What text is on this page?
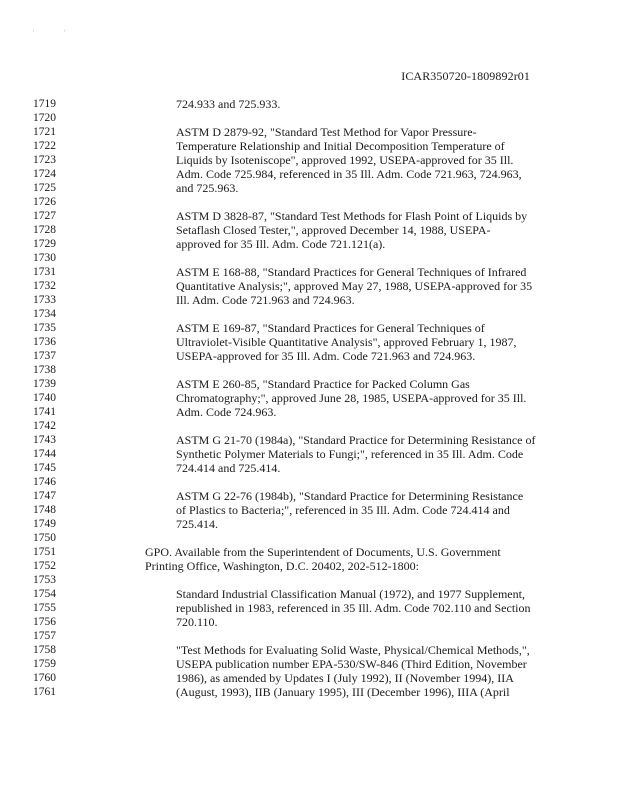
'	'
ICAR350720-1809892r01
1719	724.933 and 725.933.
1720
1721	ASTM D 2879-92, "Standard Test Method for Vapor Pressure-
1722	Temperature Relationship and Initial Decomposition Temperature of
1723	Liquids by Isoteniscope", approved 1992, USEPA-approved for 35 Ill.
1724	Adm. Code 725.984, referenced in 35 Ill. Adm. Code 721.963, 724.963,
1725	and 725.963.
1726
1727	ASTM D 3828-87, "Standard Test Methods for Flash Point of Liquids by
1728	Setaflash Closed Tester,", approved December 14, 1988, USEPA-
1729	approved for 35 Ill. Adm. Code 721.121(a).
1730
1731	ASTM E 168-88, "Standard Practices for General Techniques of Infrared
1732	Quantitative Analysis;", approved May 27, 1988, USEPA-approved for 35
1733	Ill. Adm. Code 721.963 and 724.963.
1734
1735	ASTM E 169-87, "Standard Practices for General Techniques of
1736	Ultraviolet-Visible Quantitative Analysis", approved February 1, 1987,
1737	USEPA-approved for 35 Ill. Adm. Code 721.963 and 724.963.
1738
1739	ASTM E 260-85, "Standard Practice for Packed Column Gas
1740	Chromatography;", approved June 28, 1985, USEPA-approved for 35 Ill.
1741	Adm. Code 724.963.
1742
1743	ASTM G 21-70 (1984a), "Standard Practice for Determining Resistance of
1744	Synthetic Polymer Materials to Fungi;", referenced in 35 Ill. Adm. Code
1745	724.414 and 725.414.
1746
1747	ASTM G 22-76 (1984b), "Standard Practice for Determining Resistance
1748	of Plastics to Bacteria;", referenced in 35 Ill. Adm. Code 724.414 and
1749	725.414.
1750
1751	GPO. Available from the Superintendent of Documents, U.S. Government
1752	Printing Office, Washington, D.C. 20402, 202-512-1800:
1753
1754	Standard Industrial Classification Manual (1972), and 1977 Supplement,
1755	republished in 1983, referenced in 35 Ill. Adm. Code 702.110 and Section
1756	720.110.
1757
1758	"Test Methods for Evaluating Solid Waste, Physical/Chemical Methods,",
1759	USEPA publication number EPA-530/SW-846 (Third Edition, November
1760	1986), as amended by Updates I (July 1992), II (November 1994), IIA
1761	(August, 1993), IIB (January 1995), III (December 1996), IIIA (April
